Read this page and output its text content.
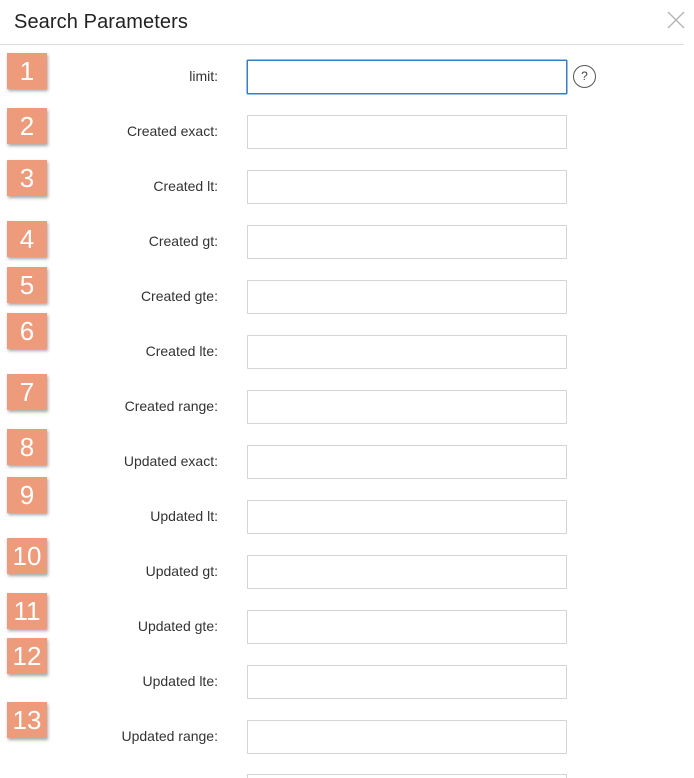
Search Parameters
limit:	?
Created exact:
Created lt:
Created gt:
Created gte:
Created lte:
Created range:
Updated exact:
Updated lt:
Updated gt:
Updated gte:
Updated lte:
Updated range:
1
2
3
4
5
6
7
8
9
10
11
12
13
